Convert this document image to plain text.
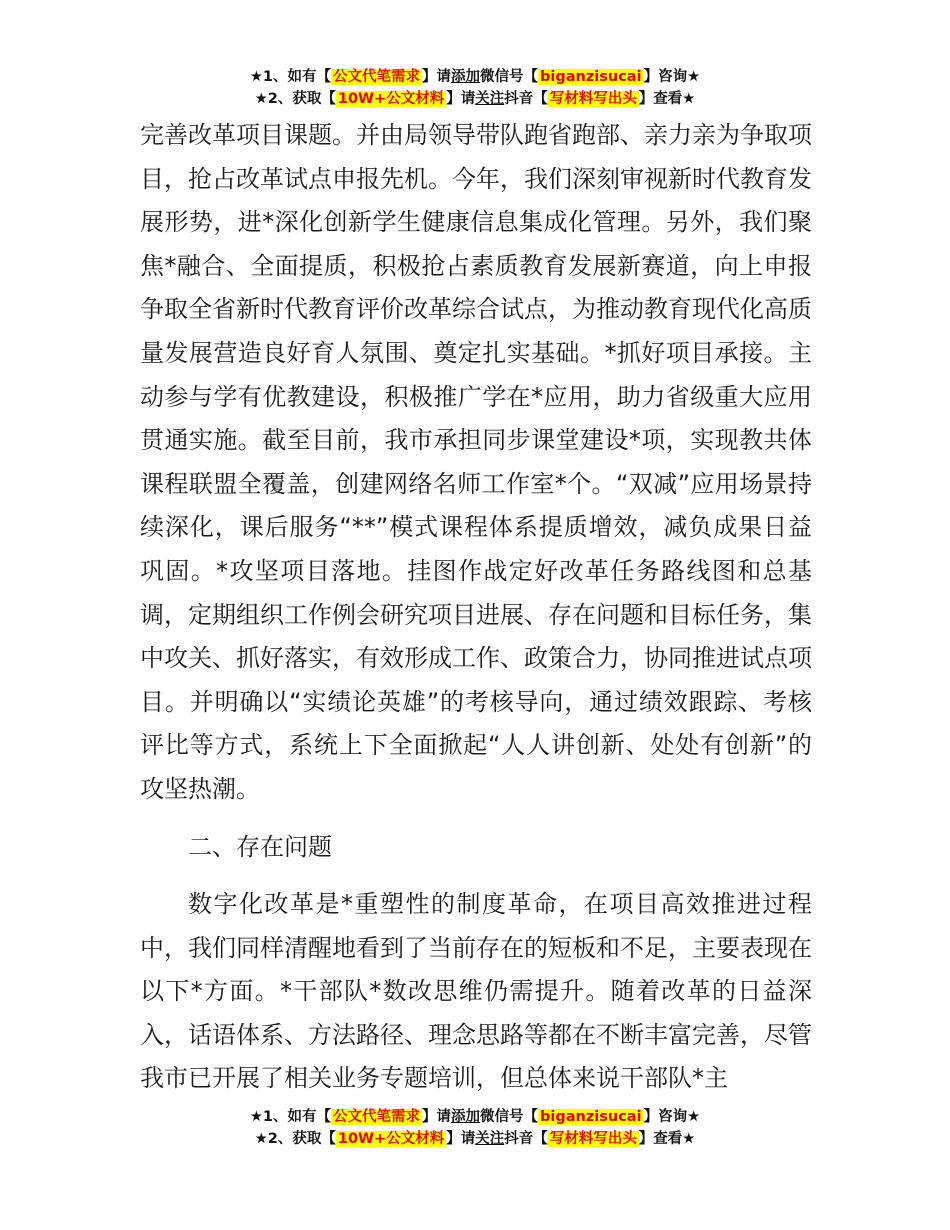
★1、如有【 公文代笔需求 】请添加微信号【 biganzisucai 】咨询★
★2、获取【 10W+公文材料 】请关注抖音【 写材料写出头 】查看★

完善改革项目课题。并由局领导带队跑省跑部、亲力亲为争取项目，抢占改革试点申报先机。今年，我们深刻审视新时代教育发展形势，进*深化创新学生健康信息集成化管理。另外，我们聚焦*融合、全面提质，积极抢占素质教育发展新赛道，向上申报争取全省新时代教育评价改革综合试点，为推动教育现代化高质量发展营造良好育人氛围、奠定扎实基础。*抓好项目承接。主动参与学有优教建设，积极推广学在*应用，助力省级重大应用贯通实施。截至目前，我市承担同步课堂建设*项，实现教共体课程联盟全覆盖，创建网络名师工作室*个。“双减”应用场景持续深化，课后服务“**”模式课程体系提质增效，减负成果日益巩固。*攻坚项目落地。挂图作战定好改革任务路线图和总基调，定期组织工作例会研究项目进展、存在问题和目标任务，集中攻关、抓好落实，有效形成工作、政策合力，协同推进试点项目。并明确以“实绩论英雄”的考核导向，通过绩效跟踪、考核评比等方式，系统上下全面掀起“人人讲创新、处处有创新”的攻坚热潮。

二、存在问题

数字化改革是*重塑性的制度革命，在项目高效推进过程中，我们同样清醒地看到了当前存在的短板和不足，主要表现在以下*方面。*干部队*数改思维仍需提升。随着改革的日益深入，话语体系、方法路径、理念思路等都在不断丰富完善，尽管我市已开展了相关业务专题培训，但总体来说干部队*主

★1、如有【 公文代笔需求 】请添加微信号【 biganzisucai 】咨询★
★2、获取【 10W+公文材料 】请关注抖音【 写材料写出头 】查看★
